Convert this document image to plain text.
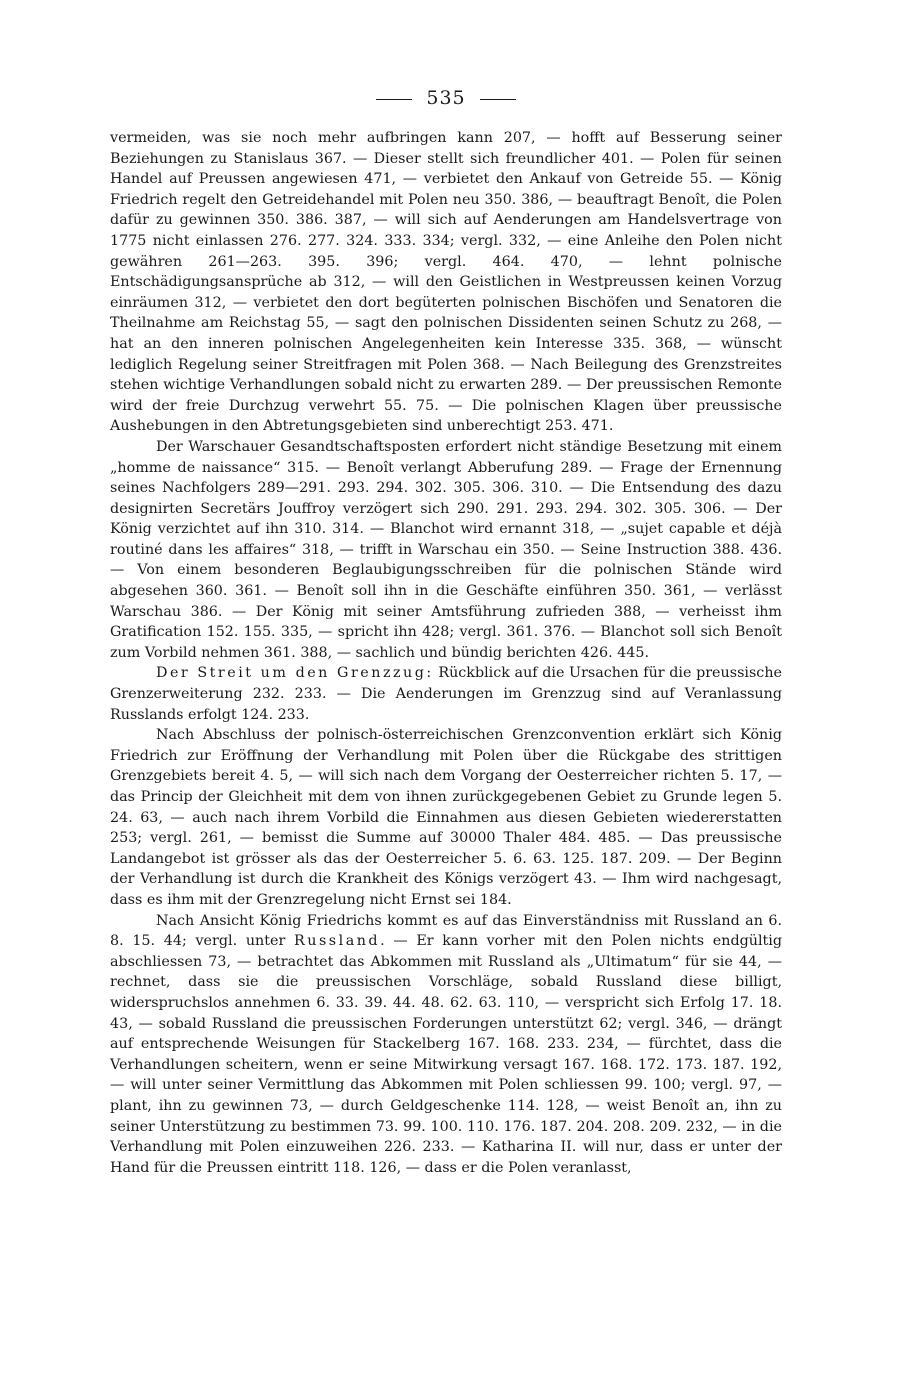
535

vermeiden, was sie noch mehr aufbringen kann 207, — hofft auf Besserung seiner Beziehungen zu Stanislaus 367. — Dieser stellt sich freundlicher 401. — Polen für seinen Handel auf Preussen angewiesen 471, — verbietet den Ankauf von Getreide 55. — König Friedrich regelt den Getreidehandel mit Polen neu 350. 386, — beauftragt Benoît, die Polen dafür zu gewinnen 350. 386. 387, — will sich auf Aenderungen am Handelsvertrage von 1775 nicht einlassen 276. 277. 324. 333. 334; vergl. 332, — eine Anleihe den Polen nicht gewähren 261—263. 395. 396; vergl. 464. 470, — lehnt polnische Entschädigungsansprüche ab 312, — will den Geistlichen in Westpreussen keinen Vorzug einräumen 312, — verbietet den dort begüterten polnischen Bischöfen und Senatoren die Theilnahme am Reichstag 55, — sagt den polnischen Dissidenten seinen Schutz zu 268, — hat an den inneren polnischen Angelegenheiten kein Interesse 335. 368, — wünscht lediglich Regelung seiner Streitfragen mit Polen 368. — Nach Beilegung des Grenzstreites stehen wichtige Verhandlungen sobald nicht zu erwarten 289. — Der preussischen Remonte wird der freie Durchzug verwehrt 55. 75. — Die polnischen Klagen über preussische Aushebungen in den Abtretungsgebieten sind unberechtigt 253. 471.

Der Warschauer Gesandtschaftsposten erfordert nicht ständige Besetzung mit einem „homme de naissance“ 315. — Benoît verlangt Abberufung 289. — Frage der Ernennung seines Nachfolgers 289—291. 293. 294. 302. 305. 306. 310. — Die Entsendung des dazu designirten Secretärs Jouffroy verzögert sich 290. 291. 293. 294. 302. 305. 306. — Der König verzichtet auf ihn 310. 314. — Blanchot wird ernannt 318, — „sujet capable et déjà routiné dans les affaires“ 318, — trifft in Warschau ein 350. — Seine Instruction 388. 436. — Von einem besonderen Beglaubigungsschreiben für die polnischen Stände wird abgesehen 360. 361. — Benoît soll ihn in die Geschäfte einführen 350. 361, — verlässt Warschau 386. — Der König mit seiner Amtsführung zufrieden 388, — verheisst ihm Gratification 152. 155. 335, — spricht ihn 428; vergl. 361. 376. — Blanchot soll sich Benoît zum Vorbild nehmen 361. 388, — sachlich und bündig berichten 426. 445.

Der Streit um den Grenzzug: Rückblick auf die Ursachen für die preussische Grenzerweiterung 232. 233. — Die Aenderungen im Grenzzug sind auf Veranlassung Russlands erfolgt 124. 233.

Nach Abschluss der polnisch-österreichischen Grenzconvention erklärt sich König Friedrich zur Eröffnung der Verhandlung mit Polen über die Rückgabe des strittigen Grenzgebiets bereit 4. 5, — will sich nach dem Vorgang der Oesterreicher richten 5. 17, — das Princip der Gleichheit mit dem von ihnen zurückgegebenen Gebiet zu Grunde legen 5. 24. 63, — auch nach ihrem Vorbild die Einnahmen aus diesen Gebieten wiedererstatten 253; vergl. 261, — bemisst die Summe auf 30000 Thaler 484. 485. — Das preussische Landangebot ist grösser als das der Oesterreicher 5. 6. 63. 125. 187. 209. — Der Beginn der Verhandlung ist durch die Krankheit des Königs verzögert 43. — Ihm wird nachgesagt, dass es ihm mit der Grenzregelung nicht Ernst sei 184.

Nach Ansicht König Friedrichs kommt es auf das Einverständniss mit Russland an 6. 8. 15. 44; vergl. unter Russland. — Er kann vorher mit den Polen nichts endgültig abschliessen 73, — betrachtet das Abkommen mit Russland als „Ultimatum“ für sie 44, — rechnet, dass sie die preussischen Vorschläge, sobald Russland diese billigt, widerspruchslos annehmen 6. 33. 39. 44. 48. 62. 63. 110, — verspricht sich Erfolg 17. 18. 43, — sobald Russland die preussischen Forderungen unterstützt 62; vergl. 346, — drängt auf entsprechende Weisungen für Stackelberg 167. 168. 233. 234, — fürchtet, dass die Verhandlungen scheitern, wenn er seine Mitwirkung versagt 167. 168. 172. 173. 187. 192, — will unter seiner Vermittlung das Abkommen mit Polen schliessen 99. 100; vergl. 97, — plant, ihn zu gewinnen 73, — durch Geldgeschenke 114. 128, — weist Benoît an, ihn zu seiner Unterstützung zu bestimmen 73. 99. 100. 110. 176. 187. 204. 208. 209. 232, — in die Verhandlung mit Polen einzuweihen 226. 233. — Katharina II. will nur, dass er unter der Hand für die Preussen eintritt 118. 126, — dass er die Polen veranlasst,
